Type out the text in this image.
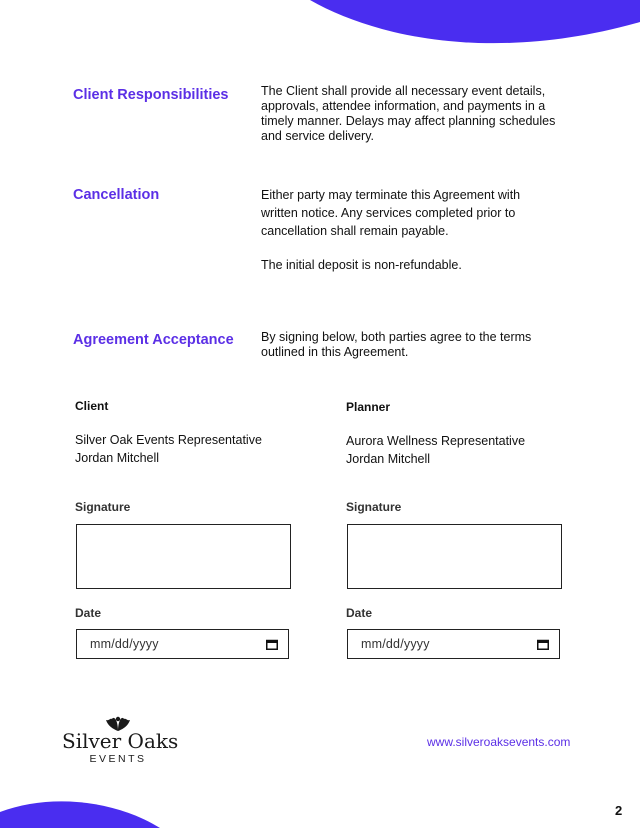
Client Responsibilities	The Client shall provide all necessary event details, approvals, attendee information, and payments in a timely manner. Delays may affect planning schedules and service delivery.

Cancellation	Either party may terminate this Agreement with

written notice. Any services completed prior to

cancellation shall remain payable.

The initial deposit is non-refundable.
Agreement Acceptance By signing below, both parties agree to the terms outlined in this Agreement.

Client
Silver Oak Events Representative
Jordan Mitchell
Signature
Date
mm/dd/yyyy
Planner
Aurora Wellness Representative
Jordan Mitchell
Signature
Date
mm/dd/yyyy
Silver Oaks
EVENTS
www.silveroaksevents.com
2
